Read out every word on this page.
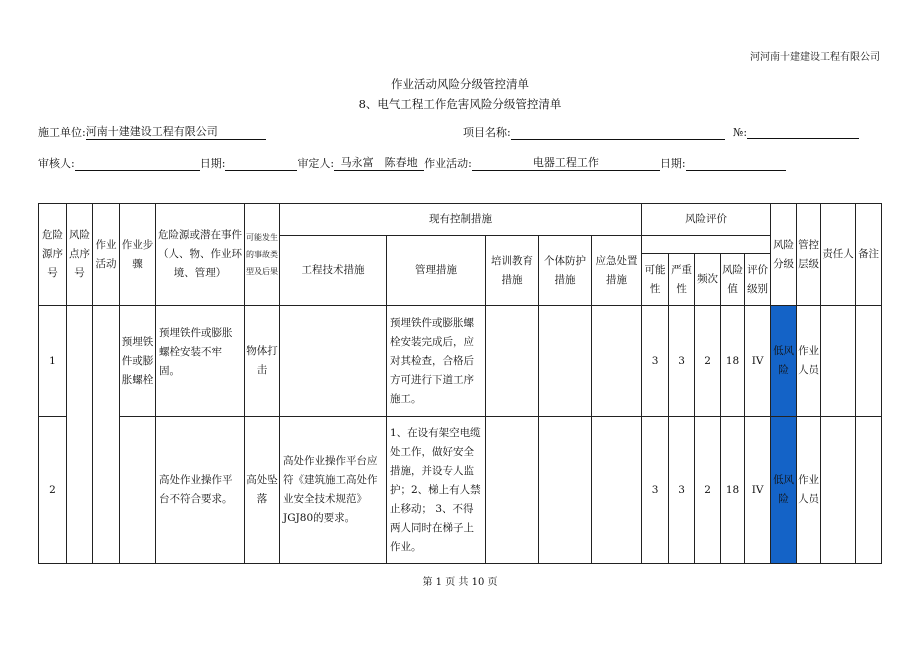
河河南十建建设工程有限公司
作业活动风险分级管控清单
8、电气工程工作危害风险分级管控清单
施工单位:河南十建建设工程有限公司	项目名称:	№:
审核人:	日期:	审定人: 马永富　陈春地 作业活动:	电器工程工作	日期:
危险源序号	风险点序号	作业活动	作业步骤	危险源或潜在事件（人、物、作业环境、管理）	可能发生的事故类型及后果	现有控制措施					风险评价					风险分级	管控层级	责任人	备注
						工程技术措施	管理措施	培训教育措施	个体防护措施	应急处置措施									
											可能性	严重性	频次	风险值	评价级别				
1			预埋铁件或膨胀螺栓	预埋铁件或膨胀螺栓安装不牢固。	物体打击		预埋铁件或膨胀螺栓安装完成后，应对其检查，合格后方可进行下道工序施工。				3	3	2	18	IV	低风险	作业人员		
2				高处作业操作平台不符合要求。	高处坠落	高处作业操作平台应符《建筑施工高处作业安全技术规范》JGJ80的要求。	1、在设有架空电缆处工作，做好安全措施，并设专人监护；2、梯上有人禁止移动； 3、不得两人同时在梯子上作业。				3	3	2	18	IV	低风险	作业人员		
第 1 页 共 10 页
